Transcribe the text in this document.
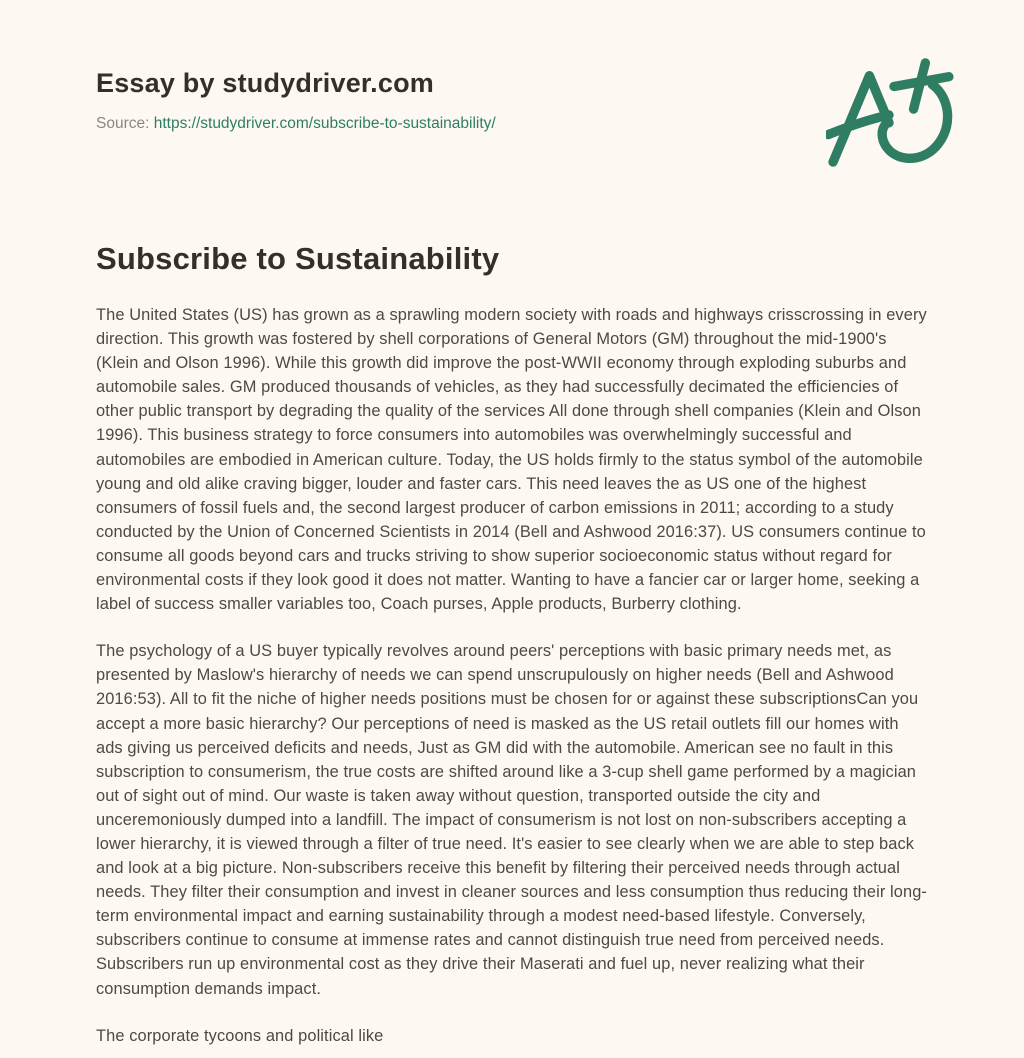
Essay by studydriver.com
Source: https://studydriver.com/subscribe-to-sustainability/
Subscribe to Sustainability

The United States (US) has grown as a sprawling modern society with roads and highways crisscrossing in every direction. This growth was fostered by shell corporations of General Motors (GM) throughout the mid-1900's (Klein and Olson 1996). While this growth did improve the post-WWII economy through exploding suburbs and automobile sales. GM produced thousands of vehicles, as they had successfully decimated the efficiencies of other public transport by degrading the quality of the services All done through shell companies (Klein and Olson 1996). This business strategy to force consumers into automobiles was overwhelmingly successful and automobiles are embodied in American culture. Today, the US holds firmly to the status symbol of the automobile young and old alike craving bigger, louder and faster cars. This need leaves the as US one of the highest consumers of fossil fuels and, the second largest producer of carbon emissions in 2011; according to a study conducted by the Union of Concerned Scientists in 2014 (Bell and Ashwood 2016:37). US consumers continue to consume all goods beyond cars and trucks striving to show superior socioeconomic status without regard for environmental costs if they look good it does not matter. Wanting to have a fancier car or larger home, seeking a label of success smaller variables too, Coach purses, Apple products, Burberry clothing.

The psychology of a US buyer typically revolves around peers' perceptions with basic primary needs met, as presented by Maslow's hierarchy of needs we can spend unscrupulously on higher needs (Bell and Ashwood 2016:53). All to fit the niche of higher needs positions must be chosen for or against these subscriptionsCan you accept a more basic hierarchy? Our perceptions of need is masked as the US retail outlets fill our homes with ads giving us perceived deficits and needs, Just as GM did with the automobile. American see no fault in this subscription to consumerism, the true costs are shifted around like a 3-cup shell game performed by a magician out of sight out of mind. Our waste is taken away without question, transported outside the city and unceremoniously dumped into a landfill. The impact of consumerism is not lost on non-subscribers accepting a lower hierarchy, it is viewed through a filter of true need. It's easier to see clearly when we are able to step back and look at a big picture. Non-subscribers receive this benefit by filtering their perceived needs through actual needs. They filter their consumption and invest in cleaner sources and less consumption thus reducing their long-term environmental impact and earning sustainability through a modest need-based lifestyle. Conversely, subscribers continue to consume at immense rates and cannot distinguish true need from perceived needs. Subscribers run up environmental cost as they drive their Maserati and fuel up, never realizing what their consumption demands impact.

The corporate tycoons and political like
